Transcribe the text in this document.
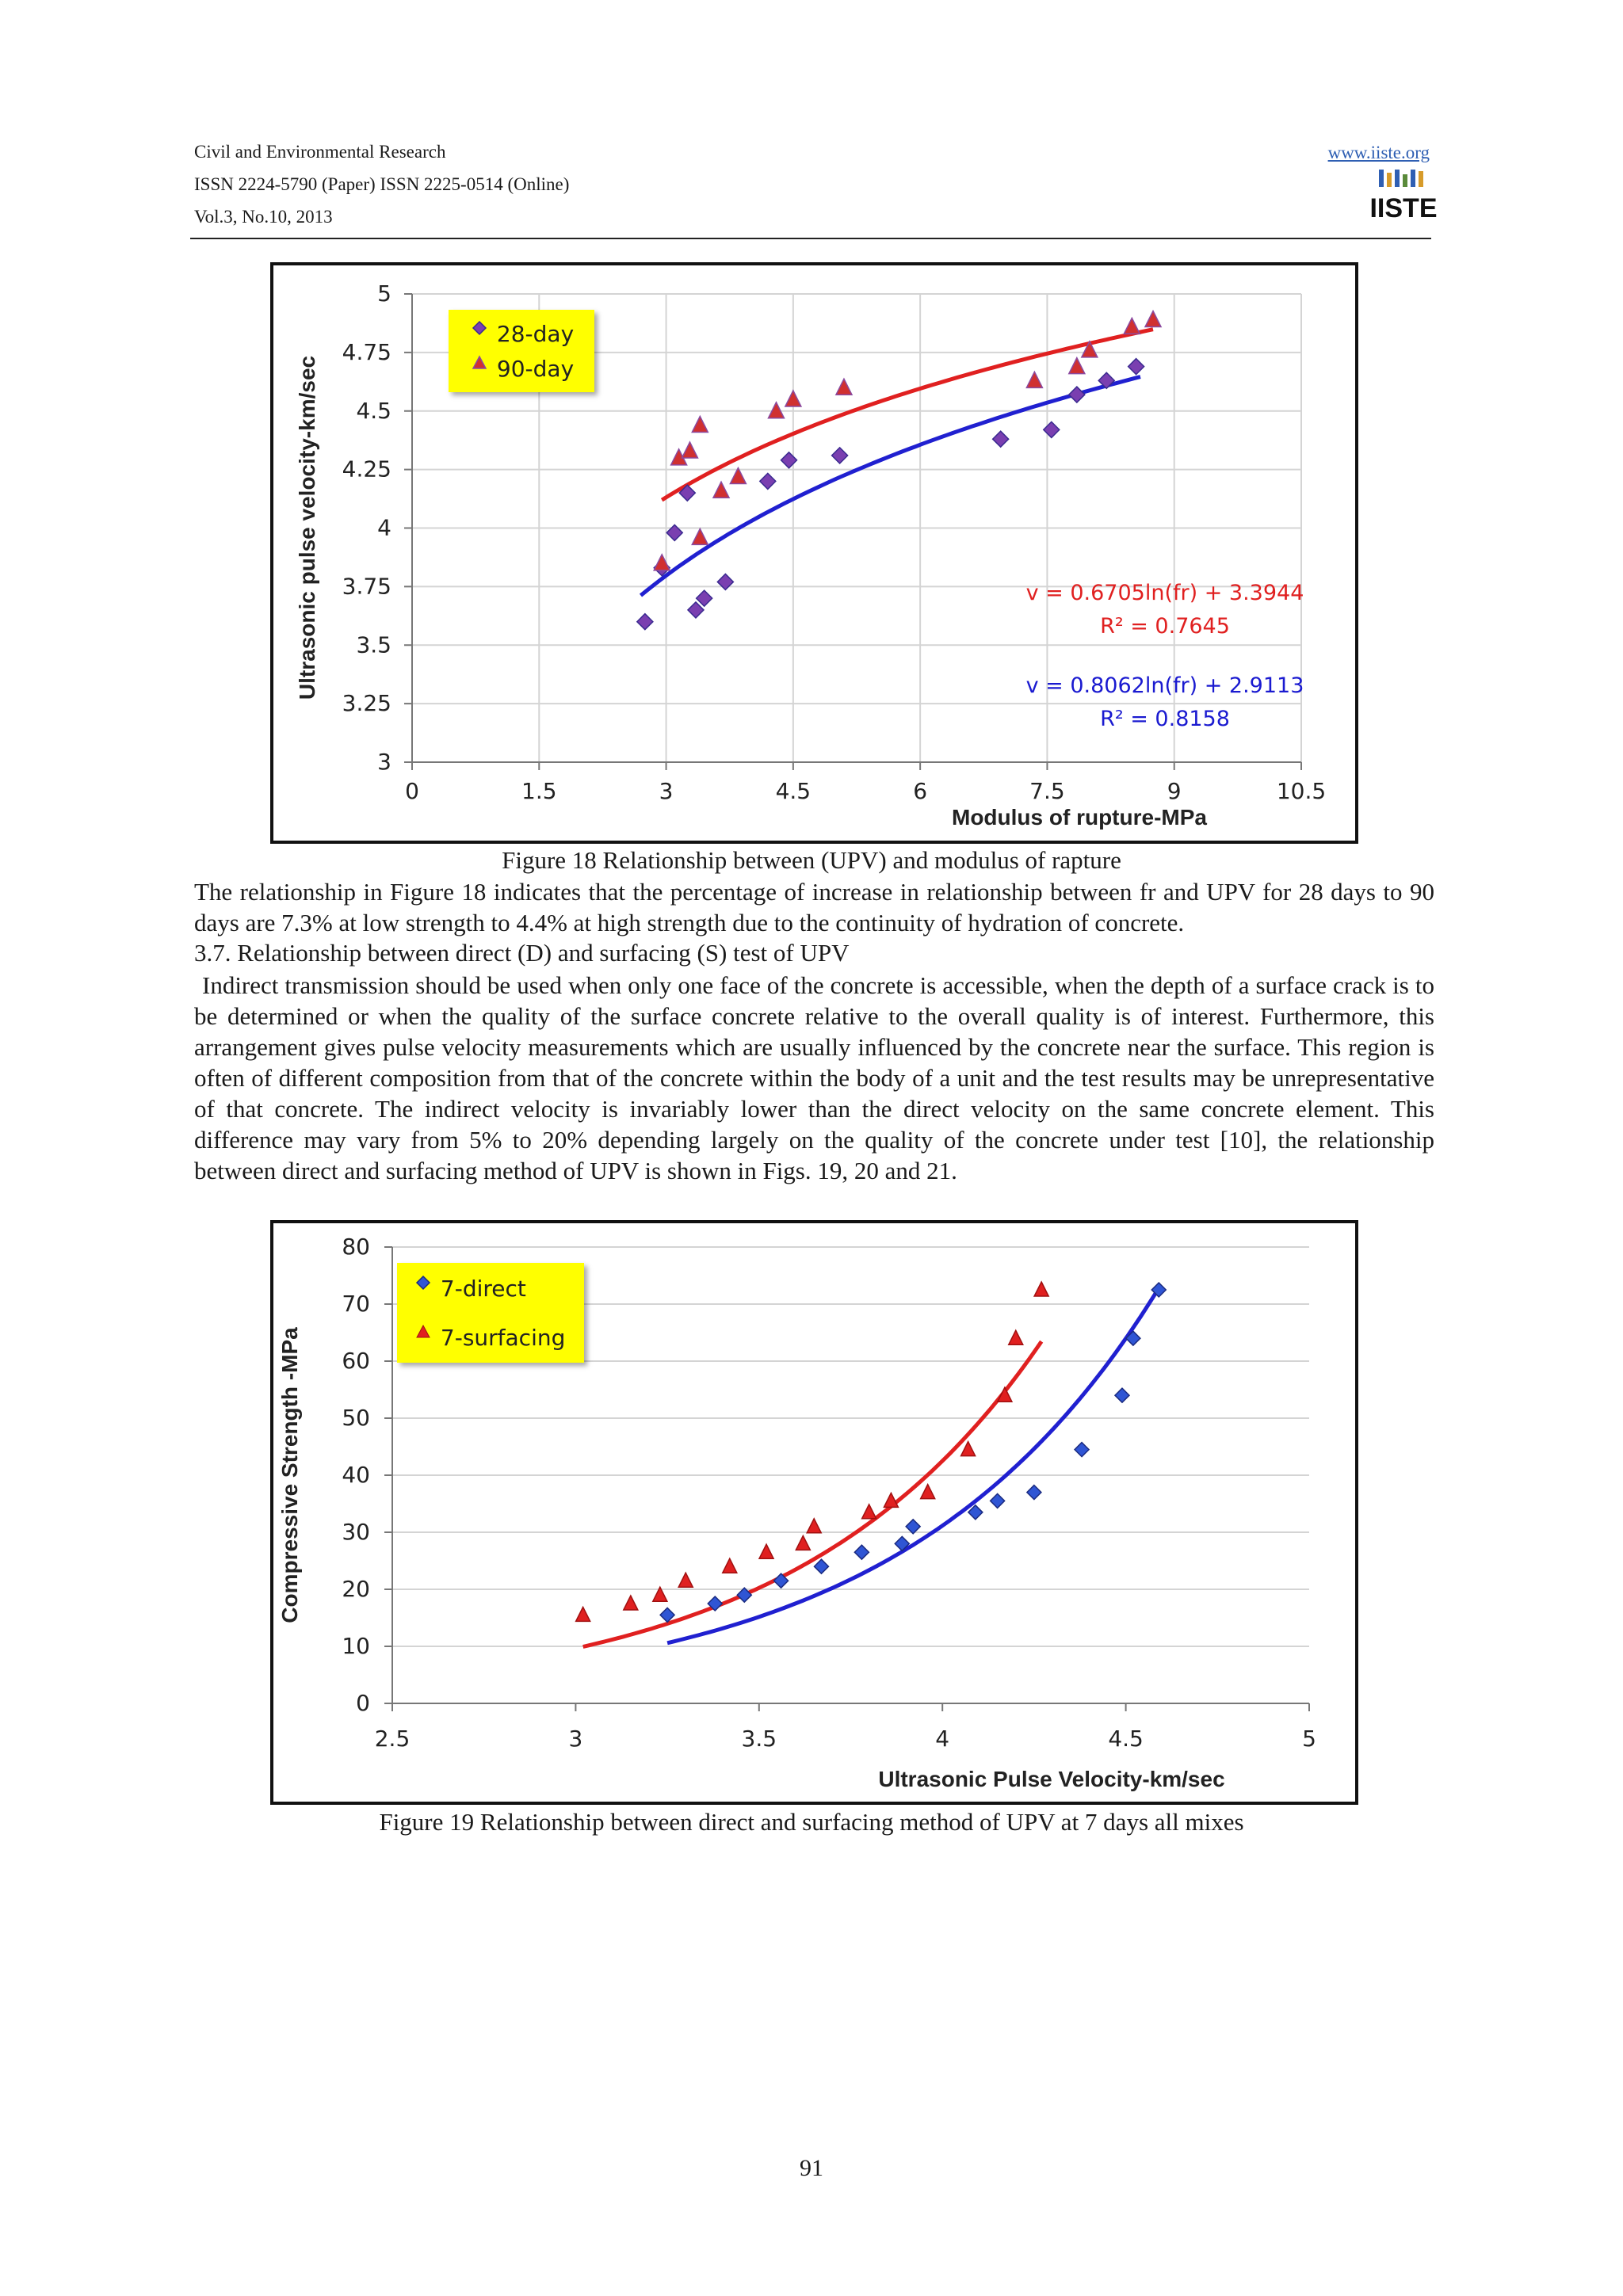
Civil and Environmental Research
ISSN 2224-5790 (Paper) ISSN 2225-0514 (Online)
Vol.3, No.10, 2013
www.iiste.org
IISTE
3
3.25
3.5
3.75
4
4.25
4.5
4.75
5
0	1.5	3	4.5	6	7.5	9	10.5
Modulus of rupture-MPa
Ultrasonic pulse velocity-km/sec
28-day
90-day
v = 0.6705ln(fr) + 3.3944
R² = 0.7645
v = 0.8062ln(fr) + 2.9113
R² = 0.8158
Figure 18 Relationship between (UPV) and modulus of rapture

The relationship in Figure 18 indicates that the percentage of increase in relationship between fr and UPV for 28 days to 90 days are 7.3% at low strength to 4.4% at high strength due to the continuity of hydration of concrete.

3.7. Relationship between direct (D) and surfacing (S) test of UPV

Indirect transmission should be used when only one face of the concrete is accessible, when the depth of a surface crack is to be determined or when the quality of the surface concrete relative to the overall quality is of interest. Furthermore, this arrangement gives pulse velocity measurements which are usually influenced by the concrete near the surface. This region is often of different composition from that of the concrete within the body of a unit and the test results may be unrepresentative of that concrete. The indirect velocity is invariably lower than the direct velocity on the same concrete element. This difference may vary from 5% to 20% depending largely on the quality of the concrete under test [10], the relationship between direct and surfacing method of UPV is shown in Figs. 19, 20 and 21.

0
10
20
30
40
50
60
70
80
2.5	3	3.5	4	4.5	5
Ultrasonic Pulse Velocity-km/sec
Compressive Strength -MPa
7-direct
7-surfacing
Figure 19 Relationship between direct and surfacing method of UPV at 7 days all mixes
91
